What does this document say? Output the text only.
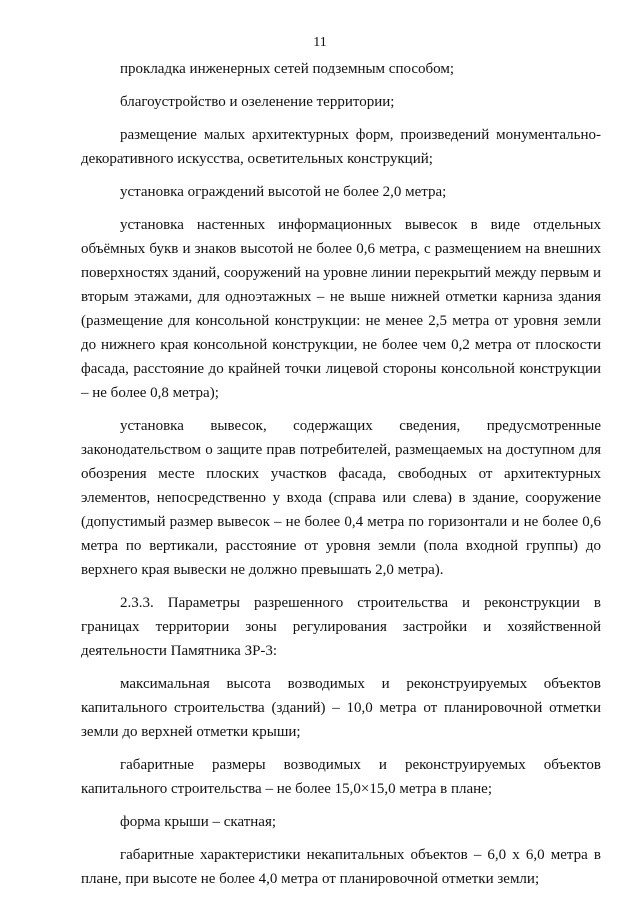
11

прокладка инженерных сетей подземным способом;

благоустройство и озеленение территории;

размещение малых архитектурных форм, произведений монументально-декоративного искусства, осветительных конструкций;

установка ограждений высотой не более 2,0 метра;

установка настенных информационных вывесок в виде отдельных объёмных букв и знаков высотой не более 0,6 метра, с размещением на внешних поверхностях зданий, сооружений на уровне линии перекрытий между первым и вторым этажами, для одноэтажных – не выше нижней отметки карниза здания (размещение для консольной конструкции: не менее 2,5 метра от уровня земли до нижнего края консольной конструкции, не более чем 0,2 метра от плоскости фасада, расстояние до крайней точки лицевой стороны консольной конструкции – не более 0,8 метра);

установка вывесок, содержащих сведения, предусмотренные законодательством о защите прав потребителей, размещаемых на доступном для обозрения месте плоских участков фасада, свободных от архитектурных элементов, непосредственно у входа (справа или слева) в здание, сооружение (допустимый размер вывесок – не более 0,4 метра по горизонтали и не более 0,6 метра по вертикали, расстояние от уровня земли (пола входной группы) до верхнего края вывески не должно превышать 2,0 метра).

2.3.3. Параметры разрешенного строительства и реконструкции в границах территории зоны регулирования застройки и хозяйственной деятельности Памятника ЗР-3:

максимальная высота возводимых и реконструируемых объектов капитального строительства (зданий) – 10,0 метра от планировочной отметки земли до верхней отметки крыши;

габаритные размеры возводимых и реконструируемых объектов капитального строительства – не более 15,0×15,0 метра в плане;

форма крыши – скатная;

габаритные характеристики некапитальных объектов – 6,0 х 6,0 метра в плане, при высоте не более 4,0 метра от планировочной отметки земли;
